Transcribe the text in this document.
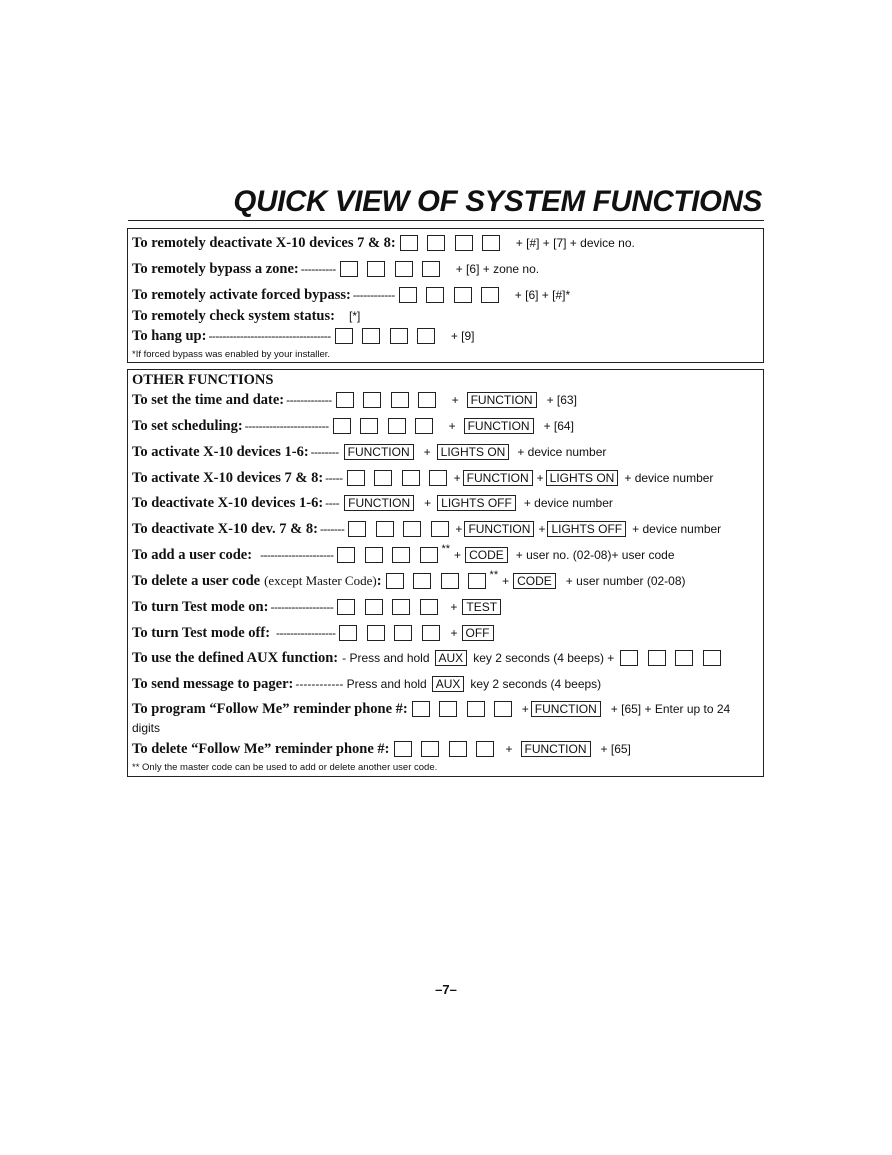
QUICK VIEW OF SYSTEM FUNCTIONS
To remotely deactivate X-10 devices 7 & 8:	+ [#] + [7] + device no.
To remotely bypass a zone: ----------	+ [6] + zone no.
To remotely activate forced bypass: ------------	+ [6] + [#]*
To remotely check system status: [*]
To hang up: -----------------------------------	+ [9]
*If forced bypass was enabled by your installer.
OTHER FUNCTIONS
To set the time and date: -------------	+	FUNCTION	+ [63]
To set scheduling: ------------------------	+	FUNCTION	+ [64]
To activate X-10 devices 1-6: -------- FUNCTION	+ LIGHTS ON	+ device number
To activate X-10 devices 7 & 8: -----	+ FUNCTION + LIGHTS ON + device number
To deactivate X-10 devices 1-6: ---- FUNCTION	+ LIGHTS OFF	+ device number
To deactivate X-10 dev. 7 & 8: -------	+ FUNCTION + LIGHTS OFF + device number
To add a user code: ---------------------	** + CODE	+ user no. (02-08)+ user code
To delete a user code (except Master Code) :	** + CODE	+ user number (02-08)
To turn Test mode on: ------------------	+ TEST
To turn Test mode off: -----------------	+ OFF
To use the defined AUX function: - Press and hold AUX key 2 seconds (4 beeps) +
To send message to pager: ------------ Press and hold AUX key 2 seconds (4 beeps)
To program “Follow Me” reminder phone #:	+ FUNCTION	+ [65] + Enter up to 24
digits
To delete “Follow Me” reminder phone #:	+	FUNCTION	+ [65]
** Only the master code can be used to add or delete another user code.
–7–
